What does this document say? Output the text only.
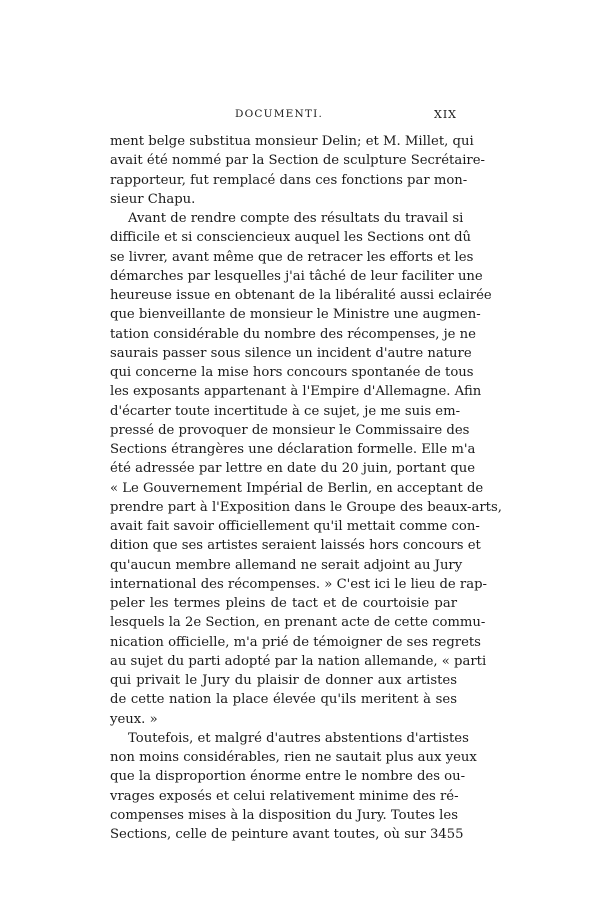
DOCUMENTI.	XIX
ment belge substitua monsieur Delin; et M. Millet, qui
avait été nommé par la Section de sculpture Secrétaire-
rapporteur, fut remplacé dans ces fonctions par mon-
sieur Chapu.
Avant de rendre compte des résultats du travail si
difficile et si consciencieux auquel les Sections ont dû
se livrer, avant même que de retracer les efforts et les
démarches par lesquelles j'ai tâché de leur faciliter une
heureuse issue en obtenant de la libéralité aussi eclairée
que bienveillante de monsieur le Ministre une augmen-
tation considérable du nombre des récompenses, je ne
saurais passer sous silence un incident d'autre nature
qui concerne la mise hors concours spontanée de tous
les exposants appartenant à l'Empire d'Allemagne. Afin
d'écarter toute incertitude à ce sujet, je me suis em-
pressé de provoquer de monsieur le Commissaire des
Sections étrangères une déclaration formelle. Elle m'a
été adressée par lettre en date du 20 juin, portant que
« Le Gouvernement Impérial de Berlin, en acceptant de
prendre part à l'Exposition dans le Groupe des beaux-arts,
avait fait savoir officiellement qu'il mettait comme con-
dition que ses artistes seraient laissés hors concours et
qu'aucun membre allemand ne serait adjoint au Jury
international des récompenses. » C'est ici le lieu de rap-
peler les termes pleins de tact et de courtoisie par
lesquels la 2e Section, en prenant acte de cette commu-
nication officielle, m'a prié de témoigner de ses regrets
au sujet du parti adopté par la nation allemande, « parti
qui privait le Jury du plaisir de donner aux artistes
de cette nation la place élevée qu'ils meritent à ses
yeux. »
Toutefois, et malgré d'autres abstentions d'artistes
non moins considérables, rien ne sautait plus aux yeux
que la disproportion énorme entre le nombre des ou-
vrages exposés et celui relativement minime des ré-
compenses mises à la disposition du Jury. Toutes les
Sections, celle de peinture avant toutes, où sur 3455
